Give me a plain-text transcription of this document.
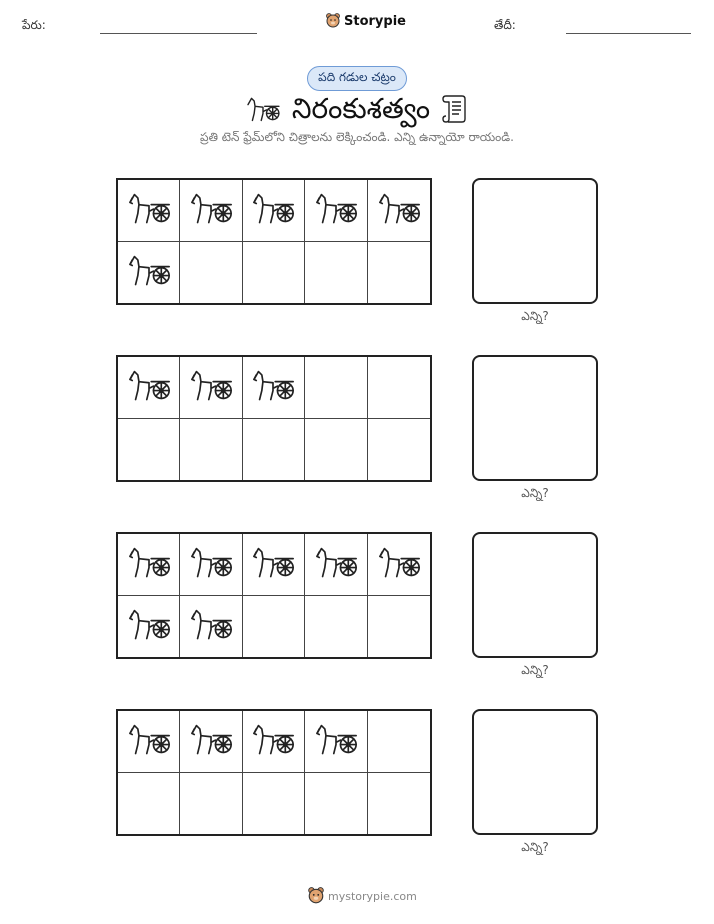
పేరు:	Storypie	తేదీ:
పది గడుల చట్రం
నిరంకుశత్వం
ప్రతి టెన్ ఫ్రేమ్‌లోని చిత్రాలను లెక్కించండి. ఎన్ని ఉన్నాయో రాయండి.
ఎన్ని?
ఎన్ని?
ఎన్ని?
ఎన్ని?
mystorypie.com
